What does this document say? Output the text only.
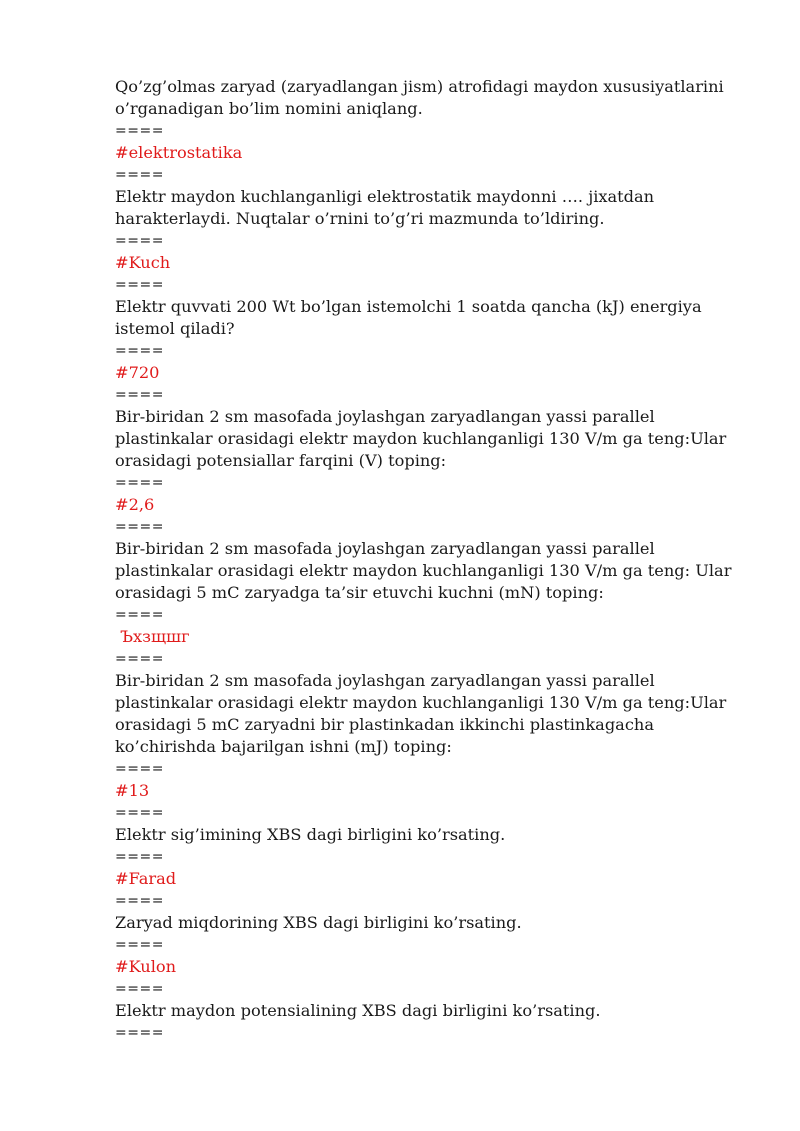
Qo’zg’olmas zaryad (zaryadlangan jism) atrofidagi maydon xususiyatlarini o’rganadigan bo’lim nomini aniqlang.
====
#elektrostatika
====
Elektr maydon kuchlanganligi elektrostatik maydonni …. jixatdan harakterlaydi. Nuqtalar o’rnini to’g’ri mazmunda to’ldiring.
====
#Kuch
====
Elektr quvvati 200 Wt bo’lgan istemolchi 1 soatda qancha (kJ) energiya istemol qiladi?
====
#720
====
Bir-biridan 2 sm masofada joylashgan zaryadlangan yassi parallel plastinkalar orasidagi elektr maydon kuchlanganligi 130 V/m ga teng:Ular orasidagi potensiallar farqini (V) toping:
====
#2,6
====
Bir-biridan 2 sm masofada joylashgan zaryadlangan yassi parallel plastinkalar orasidagi elektr maydon kuchlanganligi 130 V/m ga teng: Ular orasidagi 5 mC zaryadga ta’sir etuvchi kuchni (mN) toping:
====
Ъхзщшг
====
Bir-biridan 2 sm masofada joylashgan zaryadlangan yassi parallel plastinkalar orasidagi elektr maydon kuchlanganligi 130 V/m ga teng:Ular orasidagi 5 mC zaryadni bir plastinkadan ikkinchi plastinkagacha ko’chirishda bajarilgan ishni (mJ) toping:
====
#13
====
Elektr sig’imining XBS dagi birligini ko’rsating.
====
#Farad
====
Zaryad miqdorining XBS dagi birligini ko’rsating.
====
#Kulon
====
Elektr maydon potensialining XBS dagi birligini ko’rsating.
====
